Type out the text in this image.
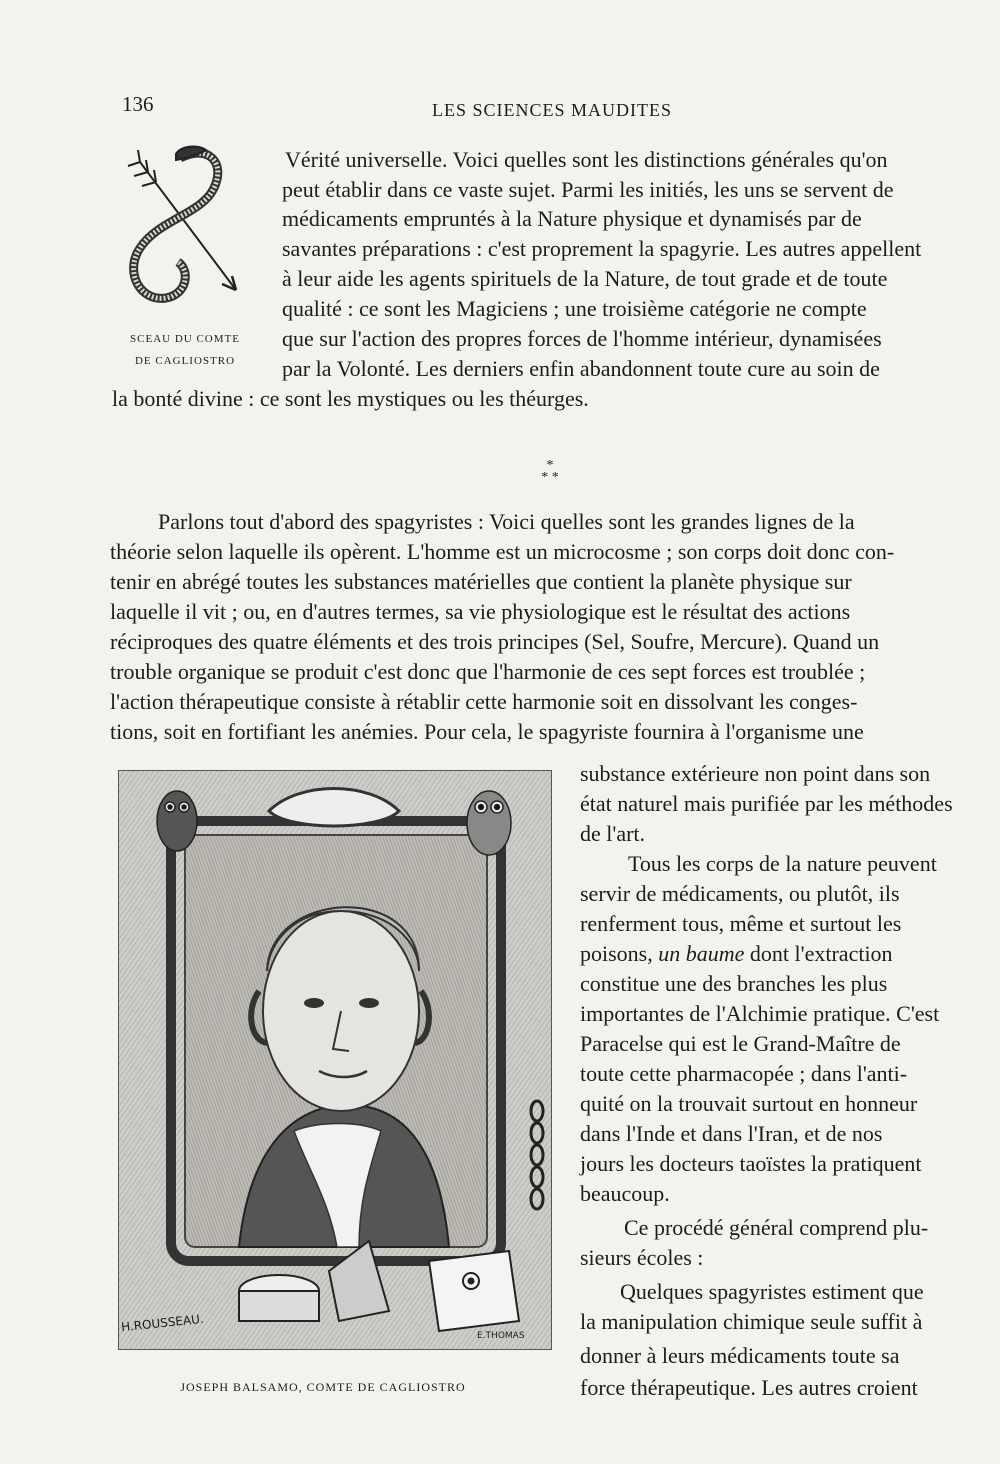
136	LES SCIENCES MAUDITES
SCEAU DU COMTE
DE CAGLIOSTRO
Vérité universelle. Voici quelles sont les distinctions générales qu'on
peut établir dans ce vaste sujet. Parmi les initiés, les uns se servent de
médicaments empruntés à la Nature physique et dynamisés par de
savantes préparations : c'est proprement la spagyrie. Les autres appellent
à leur aide les agents spirituels de la Nature, de tout grade et de toute
qualité : ce sont les Magiciens ; une troisième catégorie ne compte
que sur l'action des propres forces de l'homme intérieur, dynamisées
par la Volonté. Les derniers enfin abandonnent toute cure au soin de
la bonté divine : ce sont les mystiques ou les théurges.
*
* *
Parlons tout d'abord des spagyristes : Voici quelles sont les grandes lignes de la
théorie selon laquelle ils opèrent. L'homme est un microcosme ; son corps doit donc con-
tenir en abrégé toutes les substances matérielles que contient la planète physique sur
laquelle il vit ; ou, en d'autres termes, sa vie physiologique est le résultat des actions
réciproques des quatre éléments et des trois principes (Sel, Soufre, Mercure). Quand un
trouble organique se produit c'est donc que l'harmonie de ces sept forces est troublée ;
l'action thérapeutique consiste à rétablir cette harmonie soit en dissolvant les conges-
tions, soit en fortifiant les anémies. Pour cela, le spagyriste fournira à l'organisme une
H.ROUSSEAU.
E.THOMAS
JOSEPH BALSAMO, COMTE DE CAGLIOSTRO
substance extérieure non point dans son
état naturel mais purifiée par les méthodes
de l'art.
Tous les corps de la nature peuvent
servir de médicaments, ou plutôt, ils
renferment tous, même et surtout les
poisons, un baume dont l'extraction
constitue une des branches les plus
importantes de l'Alchimie pratique. C'est
Paracelse qui est le Grand-Maître de
toute cette pharmacopée ; dans l'anti-
quité on la trouvait surtout en honneur
dans l'Inde et dans l'Iran, et de nos
jours les docteurs taoïstes la pratiquent
beaucoup.
Ce procédé général comprend plu-
sieurs écoles :
Quelques spagyristes estiment que
la manipulation chimique seule suffit à
donner à leurs médicaments toute sa
force thérapeutique. Les autres croient
